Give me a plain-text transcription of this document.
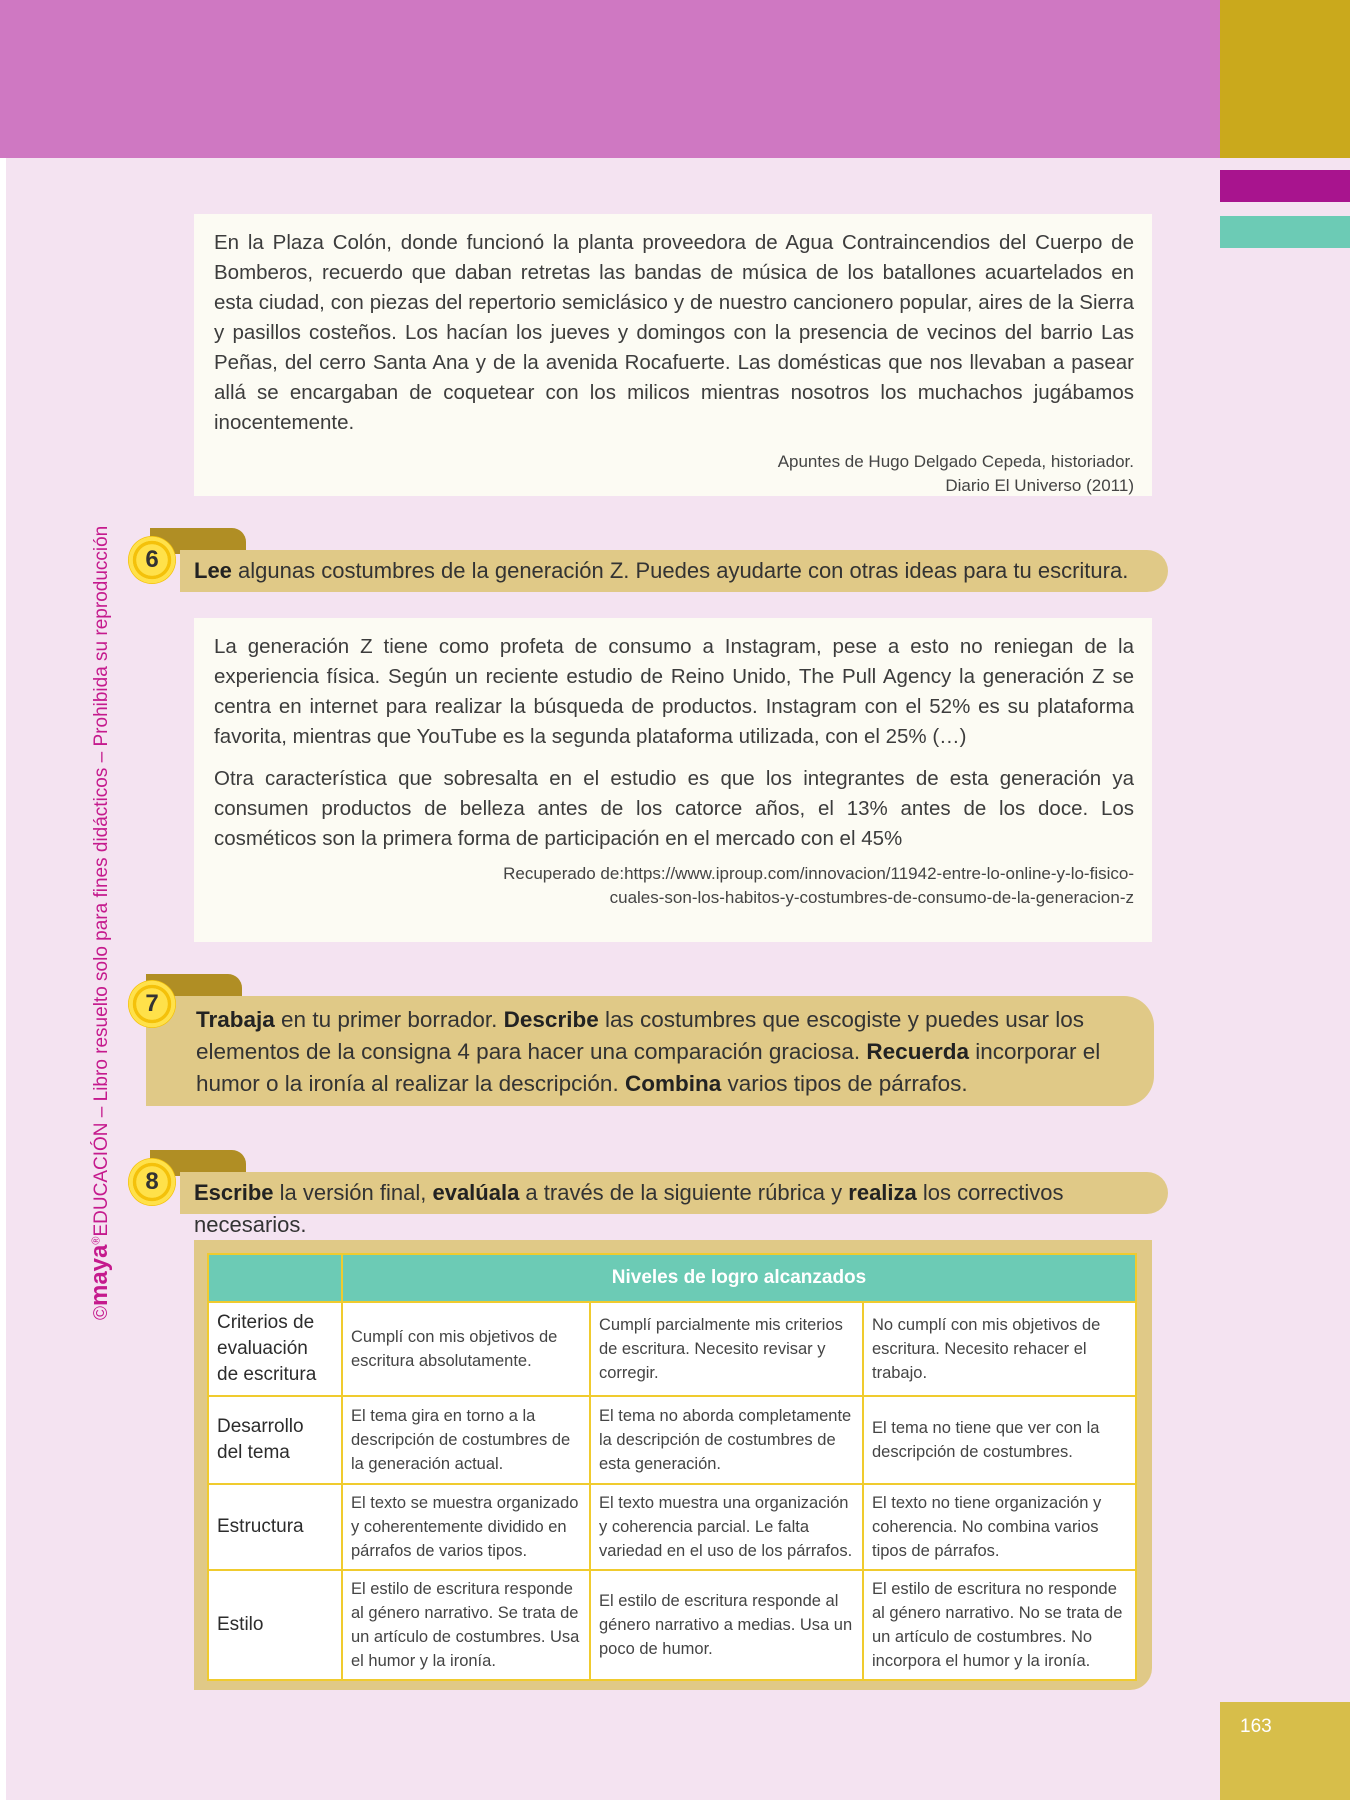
©maya®EDUCACIÓN – Libro resuelto solo para fines didácticos – Prohibida su reproducción

En la Plaza Colón, donde funcionó la planta proveedora de Agua Contraincendios del Cuerpo de Bomberos, recuerdo que daban retretas las bandas de música de los batallones acuartelados en esta ciudad, con piezas del repertorio semiclásico y de nuestro cancionero popular, aires de la Sierra y pasillos costeños. Los hacían los jueves y domingos con la presencia de vecinos del barrio Las Peñas, del cerro Santa Ana y de la avenida Rocafuerte. Las domésticas que nos llevaban a pasear allá se encargaban de coquetear con los milicos mientras nosotros los muchachos jugábamos inocentemente.

Apuntes de Hugo Delgado Cepeda, historiador.
Diario El Universo (2011)
Lee algunas costumbres de la generación Z. Puedes ayudarte con otras ideas para tu escritura.
6

La generación Z tiene como profeta de consumo a Instagram, pese a esto no reniegan de la experiencia física. Según un reciente estudio de Reino Unido, The Pull Agency la generación Z se centra en internet para realizar la búsqueda de productos. Instagram con el 52% es su plataforma favorita, mientras que YouTube es la segunda plataforma utilizada, con el 25% (…)

Otra característica que sobresalta en el estudio es que los integrantes de esta generación ya consumen productos de belleza antes de los catorce años, el 13% antes de los doce. Los cosméticos son la primera forma de participación en el mercado con el 45%

Recuperado de:https://www.iproup.com/innovacion/11942-entre-lo-online-y-lo-fisico-
cuales-son-los-habitos-y-costumbres-de-consumo-de-la-generacion-z
Trabaja en tu primer borrador. Describe las costumbres que escogiste y puedes usar los elementos de la consigna 4 para hacer una comparación graciosa. Recuerda incorporar el humor o la ironía al realizar la descripción. Combina varios tipos de párrafos.
7
Escribe la versión final, evalúala a través de la siguiente rúbrica y realiza los correctivos necesarios.
8
	Niveles de logro alcanzados		
Criterios de evaluación de escritura	Cumplí con mis objetivos de escritura absolutamente.	Cumplí parcialmente mis criterios de escritura. Necesito revisar y corregir.	No cumplí con mis objetivos de escritura. Necesito rehacer el trabajo.
Desarrollo del tema	El tema gira en torno a la descripción de costumbres de la generación actual.	El tema no aborda completamente la descripción de costumbres de esta generación.	El tema no tiene que ver con la descripción de costumbres.
Estructura	El texto se muestra organizado y coherentemente dividido en párrafos de varios tipos.	El texto muestra una organización y coherencia parcial. Le falta variedad en el uso de los párrafos.	El texto no tiene organización y coherencia. No combina varios tipos de párrafos.
Estilo	El estilo de escritura responde al género narrativo. Se trata de un artículo de costumbres. Usa el humor y la ironía.	El estilo de escritura responde al género narrativo a medias. Usa un poco de humor.	El estilo de escritura no responde al género narrativo. No se trata de un artículo de costumbres. No incorpora el humor y la ironía.
163
